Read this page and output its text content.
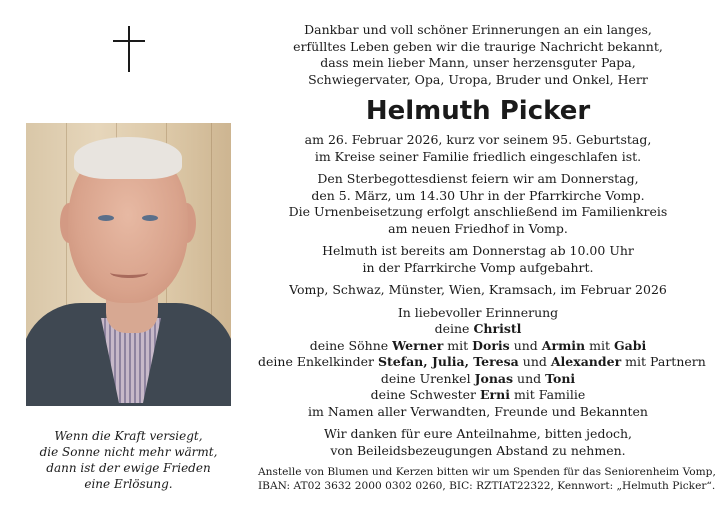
Wenn die Kraft versiegt,
die Sonne nicht mehr wärmt,
dann ist der ewige Frieden
eine Erlösung.
Dankbar und voll schöner Erinnerungen an ein langes,
erfülltes Leben geben wir die traurige Nachricht bekannt,
dass mein lieber Mann, unser herzensguter Papa,
Schwiegervater, Opa, Uropa, Bruder und Onkel, Herr
Helmuth Picker
am 26. Februar 2026, kurz vor seinem 95. Geburtstag,
im Kreise seiner Familie friedlich eingeschlafen ist.
Den Sterbegottesdienst feiern wir am Donnerstag,
den 5. März, um 14.30 Uhr in der Pfarrkirche Vomp.
Die Urnenbeisetzung erfolgt anschließend im Familienkreis
am neuen Friedhof in Vomp.
Helmuth ist bereits am Donnerstag ab 10.00 Uhr
in der Pfarrkirche Vomp aufgebahrt.
Vomp, Schwaz, Münster, Wien, Kramsach, im Februar 2026
In liebevoller Erinnerung
deine Christl
deine Söhne Werner mit Doris und Armin mit Gabi
deine Enkelkinder Stefan, Julia, Teresa und Alexander mit Partnern
deine Urenkel Jonas und Toni
deine Schwester Erni mit Familie
im Namen aller Verwandten, Freunde und Bekannten
Wir danken für eure Anteilnahme, bitten jedoch,
von Beileidsbezeugungen Abstand zu nehmen.
Anstelle von Blumen und Kerzen bitten wir um Spenden für das Seniorenheim Vomp,
IBAN: AT02 3632 2000 0302 0260, BIC: RZTIAT22322, Kennwort: „Helmuth Picker“.
